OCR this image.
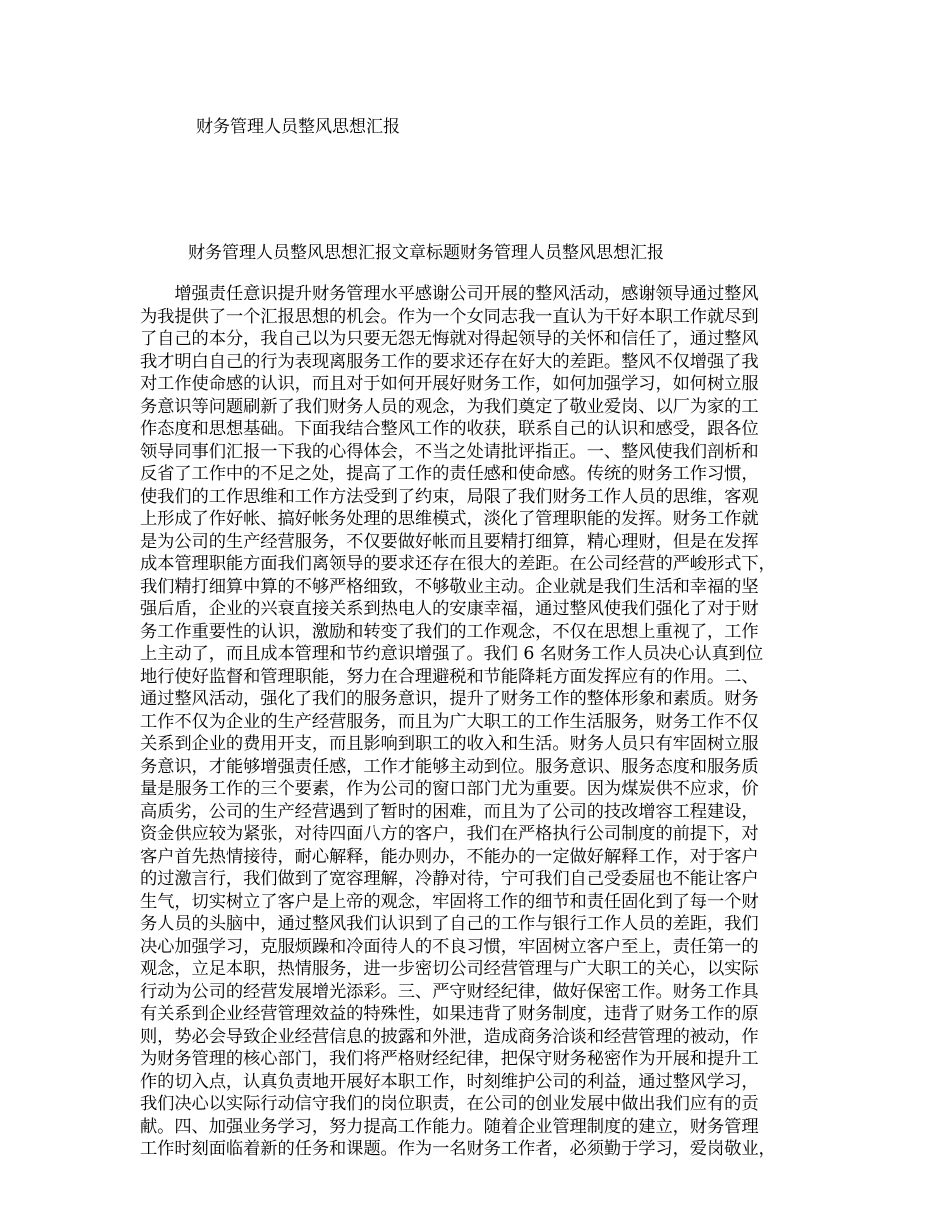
财务管理人员整风思想汇报
财务管理人员整风思想汇报文章标题财务管理人员整风思想汇报
　　增强责任意识提升财务管理水平感谢公司开展的整风活动，感谢领导通过整风
为我提供了一个汇报思想的机会。作为一个女同志我一直认为干好本职工作就尽到
了自己的本分，我自己以为只要无怨无悔就对得起领导的关怀和信任了，通过整风
我才明白自己的行为表现离服务工作的要求还存在好大的差距。整风不仅增强了我
对工作使命感的认识，而且对于如何开展好财务工作，如何加强学习，如何树立服
务意识等问题刷新了我们财务人员的观念，为我们奠定了敬业爱岗、以厂为家的工
作态度和思想基础。下面我结合整风工作的收获，联系自己的认识和感受，跟各位
领导同事们汇报一下我的心得体会，不当之处请批评指正。一、整风使我们剖析和
反省了工作中的不足之处，提高了工作的责任感和使命感。传统的财务工作习惯，
使我们的工作思维和工作方法受到了约束，局限了我们财务工作人员的思维，客观
上形成了作好帐、搞好帐务处理的思维模式，淡化了管理职能的发挥。财务工作就
是为公司的生产经营服务，不仅要做好帐而且要精打细算，精心理财，但是在发挥
成本管理职能方面我们离领导的要求还存在很大的差距。在公司经营的严峻形式下，
我们精打细算中算的不够严格细致，不够敬业主动。企业就是我们生活和幸福的坚
强后盾，企业的兴衰直接关系到热电人的安康幸福，通过整风使我们强化了对于财
务工作重要性的认识，激励和转变了我们的工作观念，不仅在思想上重视了，工作
上主动了，而且成本管理和节约意识增强了。我们 6 名财务工作人员决心认真到位
地行使好监督和管理职能，努力在合理避税和节能降耗方面发挥应有的作用。二、
通过整风活动，强化了我们的服务意识，提升了财务工作的整体形象和素质。财务
工作不仅为企业的生产经营服务，而且为广大职工的工作生活服务，财务工作不仅
关系到企业的费用开支，而且影响到职工的收入和生活。财务人员只有牢固树立服
务意识，才能够增强责任感，工作才能够主动到位。服务意识、服务态度和服务质
量是服务工作的三个要素，作为公司的窗口部门尤为重要。因为煤炭供不应求，价
高质劣，公司的生产经营遇到了暂时的困难，而且为了公司的技改增容工程建设，
资金供应较为紧张，对待四面八方的客户，我们在严格执行公司制度的前提下，对
客户首先热情接待，耐心解释，能办则办，不能办的一定做好解释工作，对于客户
的过激言行，我们做到了宽容理解，冷静对待，宁可我们自己受委屈也不能让客户
生气，切实树立了客户是上帝的观念，牢固将工作的细节和责任固化到了每一个财
务人员的头脑中，通过整风我们认识到了自己的工作与银行工作人员的差距，我们
决心加强学习，克服烦躁和冷面待人的不良习惯，牢固树立客户至上，责任第一的
观念，立足本职，热情服务，进一步密切公司经营管理与广大职工的关心，以实际
行动为公司的经营发展增光添彩。三、严守财经纪律，做好保密工作。财务工作具
有关系到企业经营管理效益的特殊性，如果违背了财务制度，违背了财务工作的原
则，势必会导致企业经营信息的披露和外泄，造成商务洽谈和经营管理的被动，作
为财务管理的核心部门，我们将严格财经纪律，把保守财务秘密作为开展和提升工
作的切入点，认真负责地开展好本职工作，时刻维护公司的利益，通过整风学习，
我们决心以实际行动信守我们的岗位职责，在公司的创业发展中做出我们应有的贡
献。四、加强业务学习，努力提高工作能力。随着企业管理制度的建立，财务管理
工作时刻面临着新的任务和课题。作为一名财务工作者，必须勤于学习，爱岗敬业，
